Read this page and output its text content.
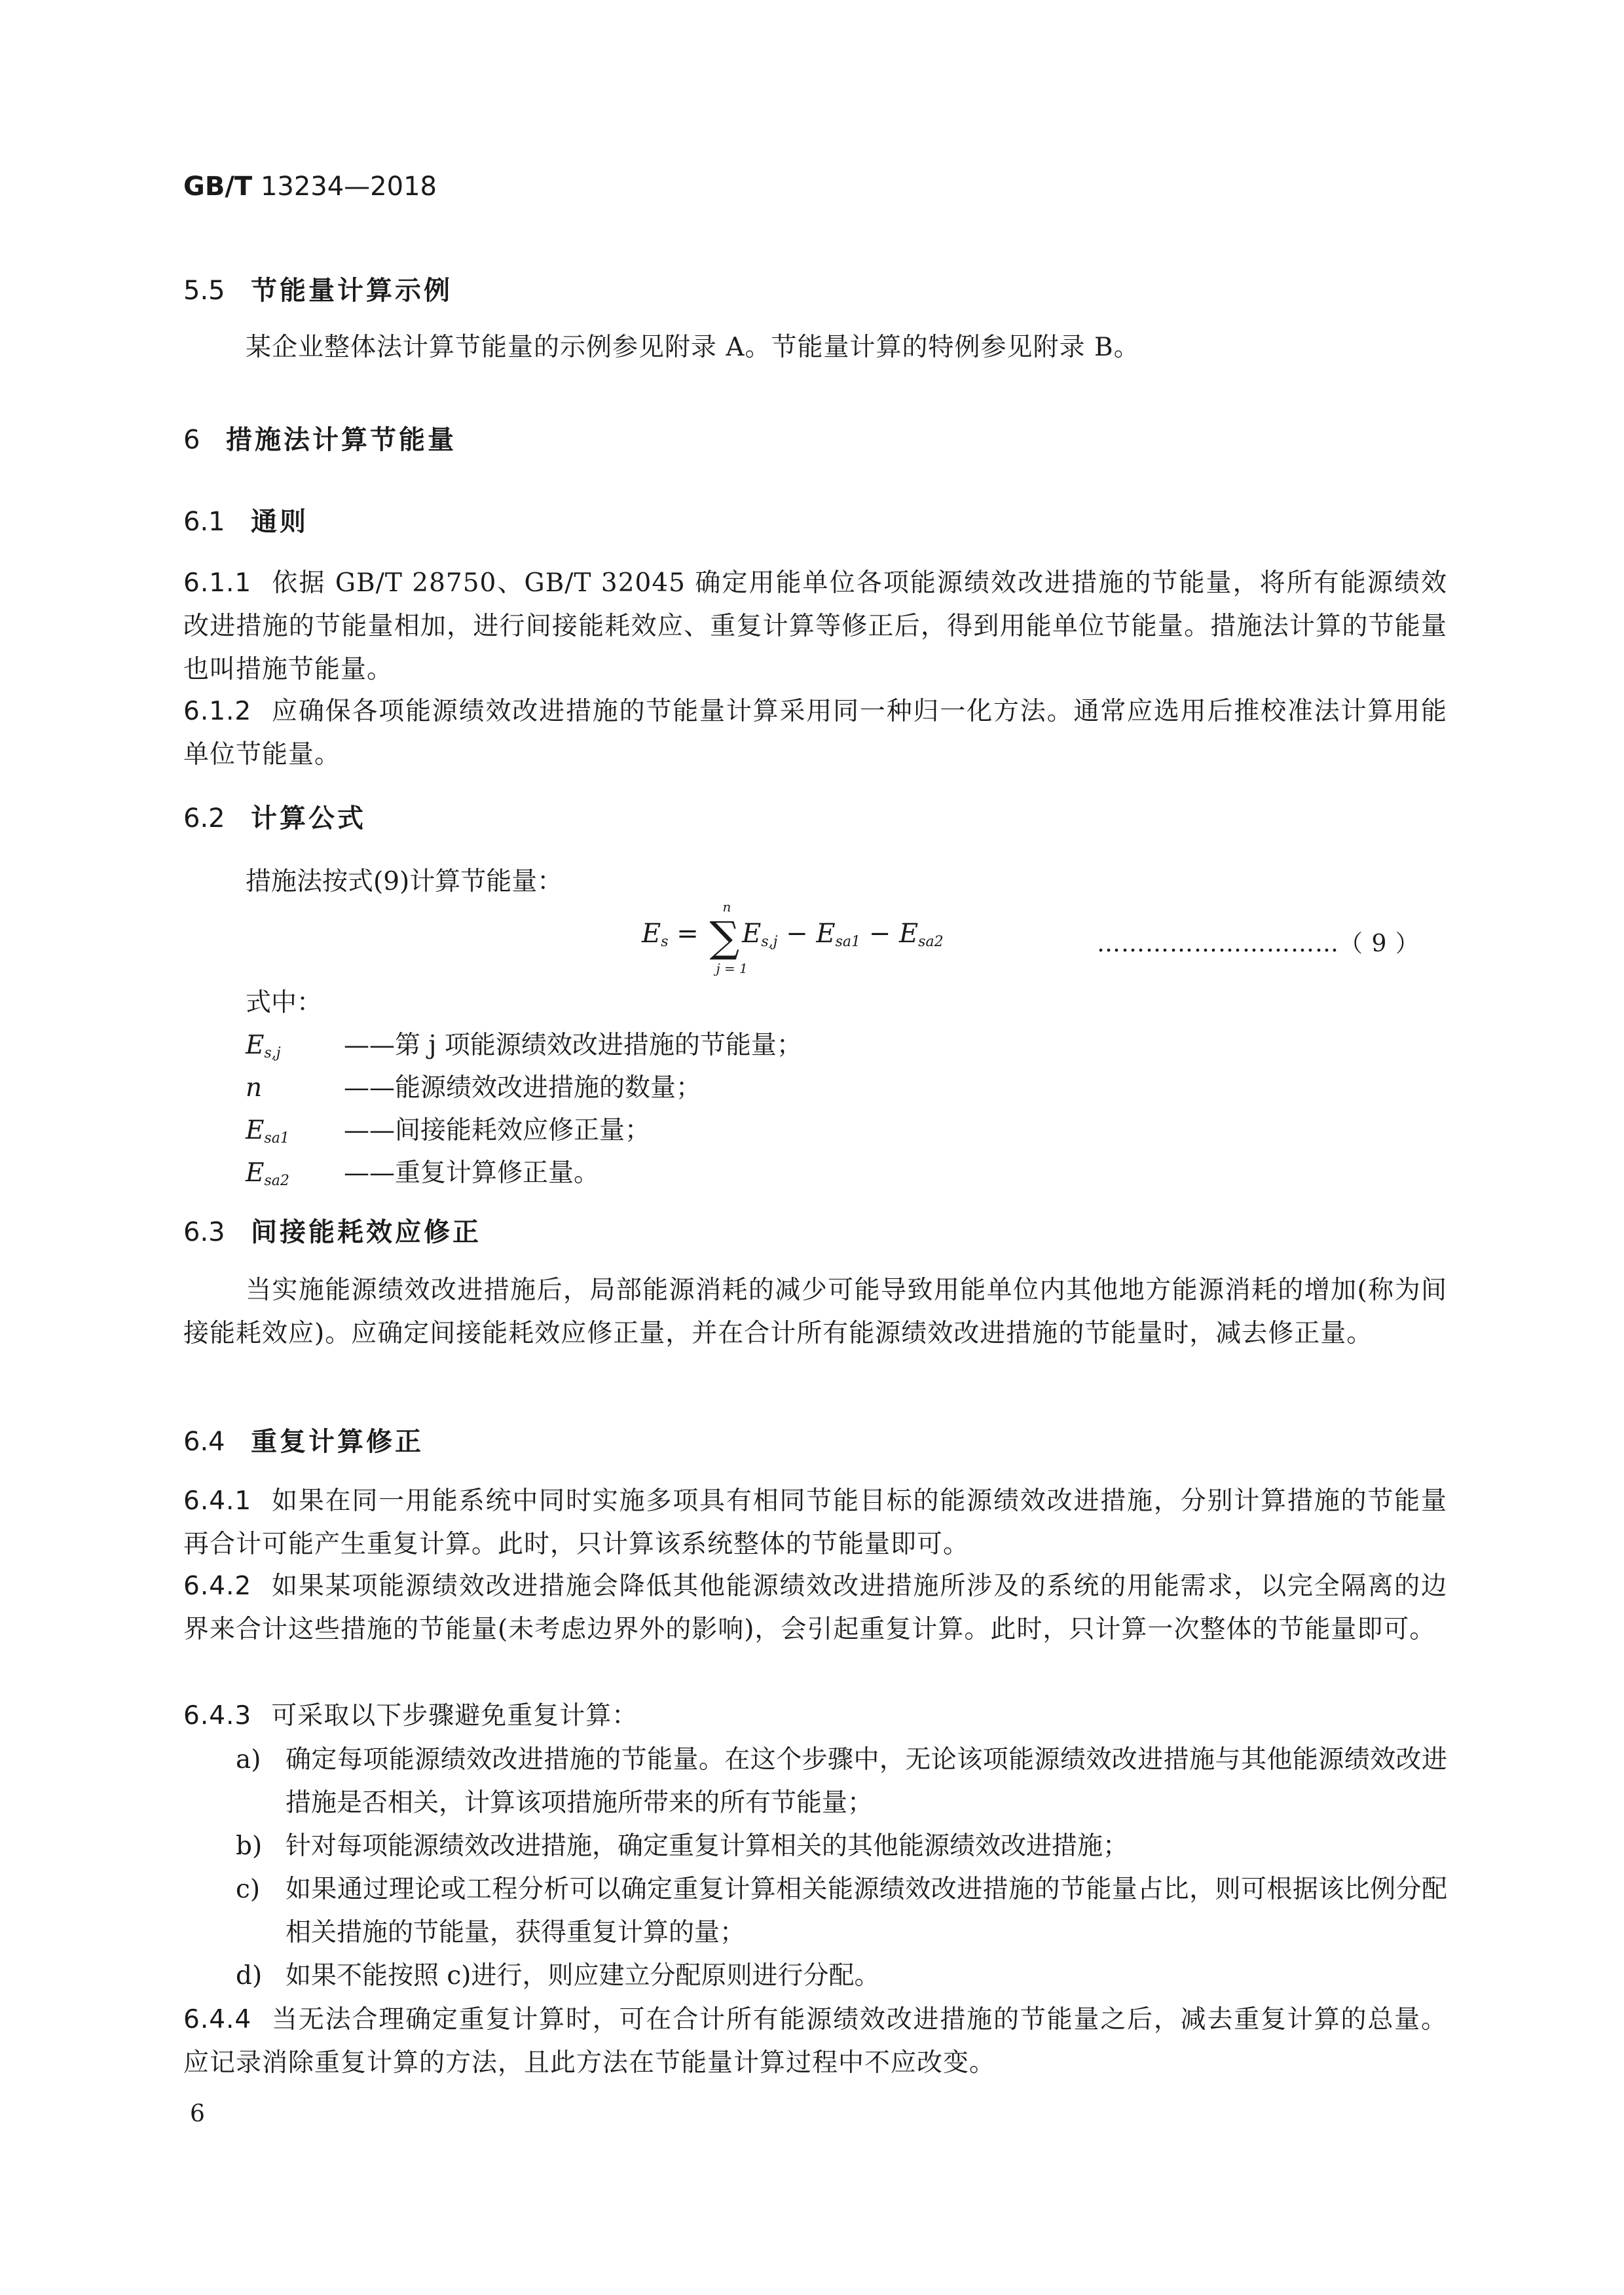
GB/T 13234—2018
5.5 节能量计算示例
某企业整体法计算节能量的示例参见附录 A。节能量计算的特例参见附录 B。
6 措施法计算节能量
6.1 通则
6.1.1 依据 GB/T 28750、GB/T 32045 确定用能单位各项能源绩效改进措施的节能量，将所有能源绩效改进措施的节能量相加，进行间接能耗效应、重复计算等修正后，得到用能单位节能量。措施法计算的节能量也叫措施节能量。
6.1.2 应确保各项能源绩效改进措施的节能量计算采用同一种归一化方法。通常应选用后推校准法计算用能单位节能量。
6.2 计算公式
措施法按式(9)计算节能量：
$E_s$ = ∑
n
j = 1
$E_{s,j} - E_{sa1} - E_{sa2}$	…………………………（ 9 ）
式中：
$E_{s,j}$ ——第 j 项能源绩效改进措施的节能量；
n	——能源绩效改进措施的数量；
$E_{sa1}$ ——间接能耗效应修正量；
$E_{sa2}$ ——重复计算修正量。
6.3 间接能耗效应修正
当实施能源绩效改进措施后，局部能源消耗的减少可能导致用能单位内其他地方能源消耗的增加(称为间接能耗效应)。应确定间接能耗效应修正量，并在合计所有能源绩效改进措施的节能量时，减去修正量。
6.4 重复计算修正
6.4.1 如果在同一用能系统中同时实施多项具有相同节能目标的能源绩效改进措施，分别计算措施的节能量再合计可能产生重复计算。此时，只计算该系统整体的节能量即可。
6.4.2 如果某项能源绩效改进措施会降低其他能源绩效改进措施所涉及的系统的用能需求，以完全隔离的边界来合计这些措施的节能量(未考虑边界外的影响)，会引起重复计算。此时，只计算一次整体的节能量即可。
6.4.3 可采取以下步骤避免重复计算：
a) 确定每项能源绩效改进措施的节能量。在这个步骤中，无论该项能源绩效改进措施与其他能源绩效改进措施是否相关，计算该项措施所带来的所有节能量；
b) 针对每项能源绩效改进措施，确定重复计算相关的其他能源绩效改进措施；
c) 如果通过理论或工程分析可以确定重复计算相关能源绩效改进措施的节能量占比，则可根据该比例分配相关措施的节能量，获得重复计算的量；
d) 如果不能按照 c)进行，则应建立分配原则进行分配。
6.4.4 当无法合理确定重复计算时，可在合计所有能源绩效改进措施的节能量之后，减去重复计算的总量。应记录消除重复计算的方法，且此方法在节能量计算过程中不应改变。
6
